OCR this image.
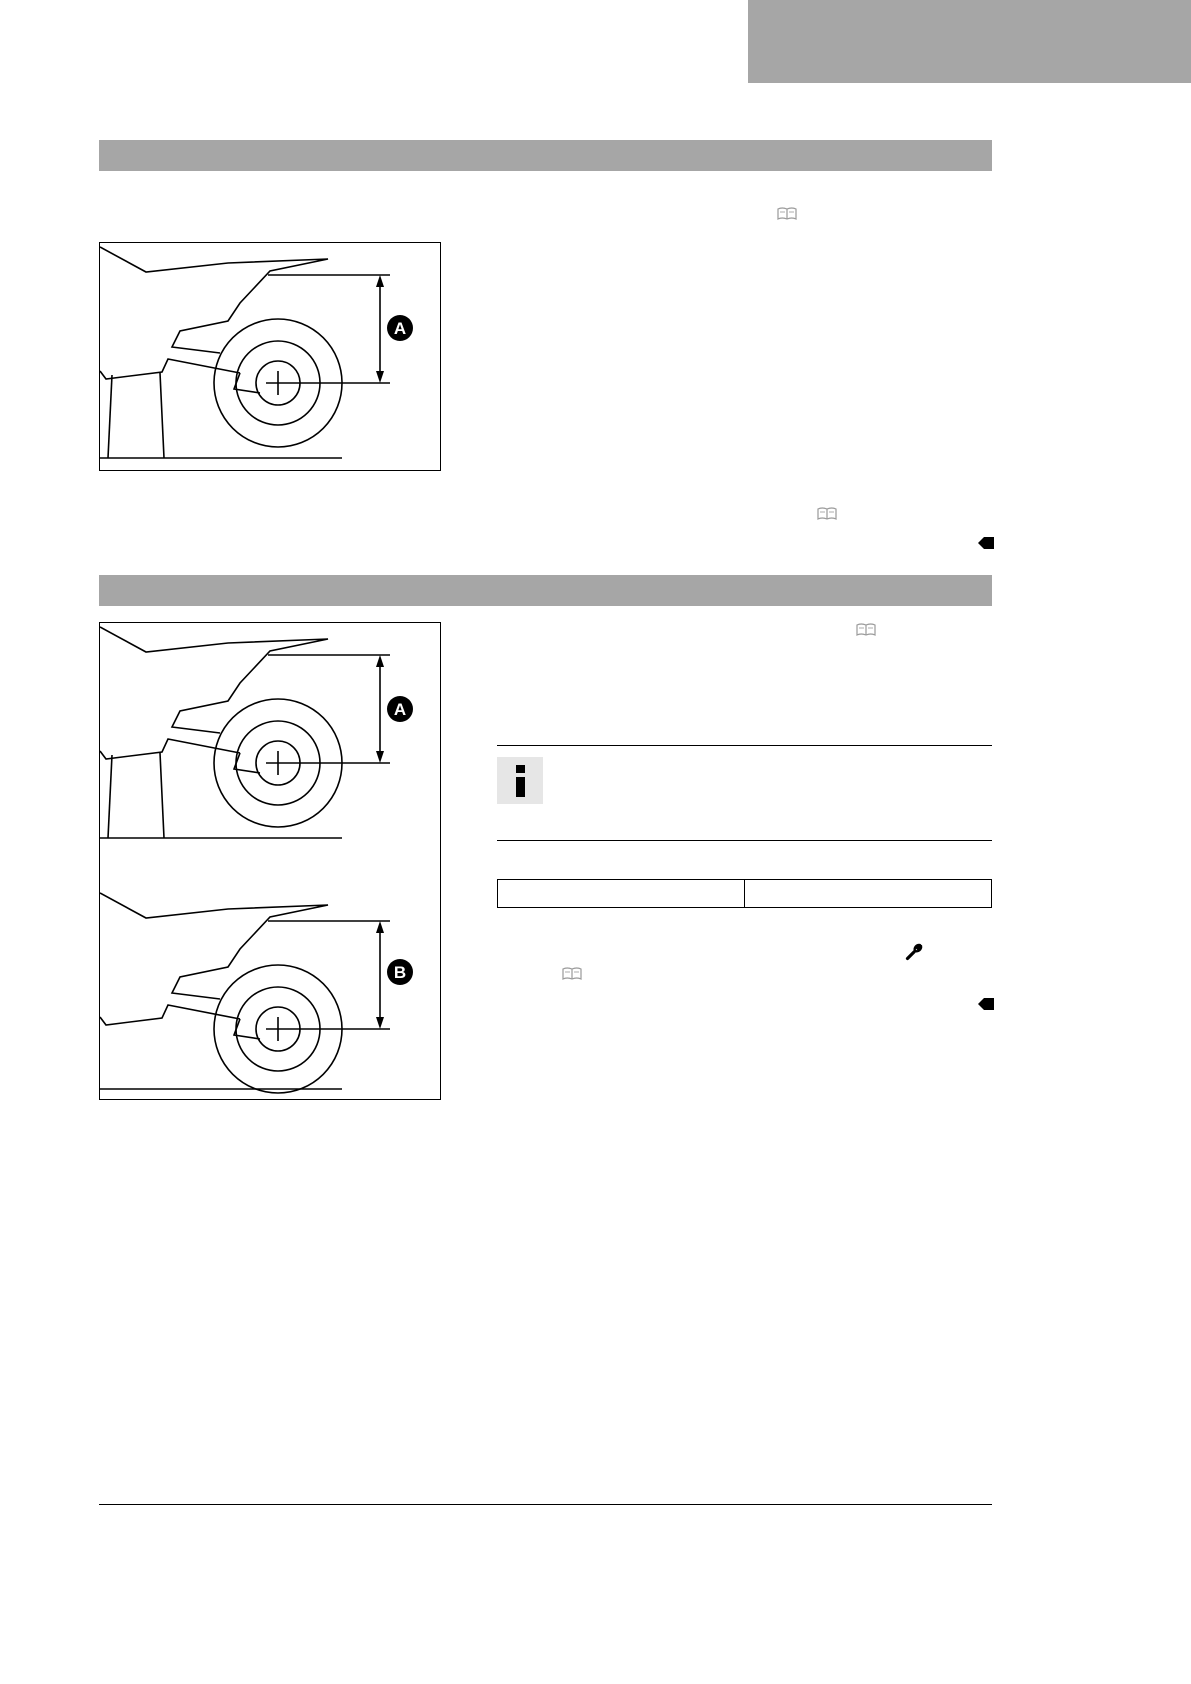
A
A
B
